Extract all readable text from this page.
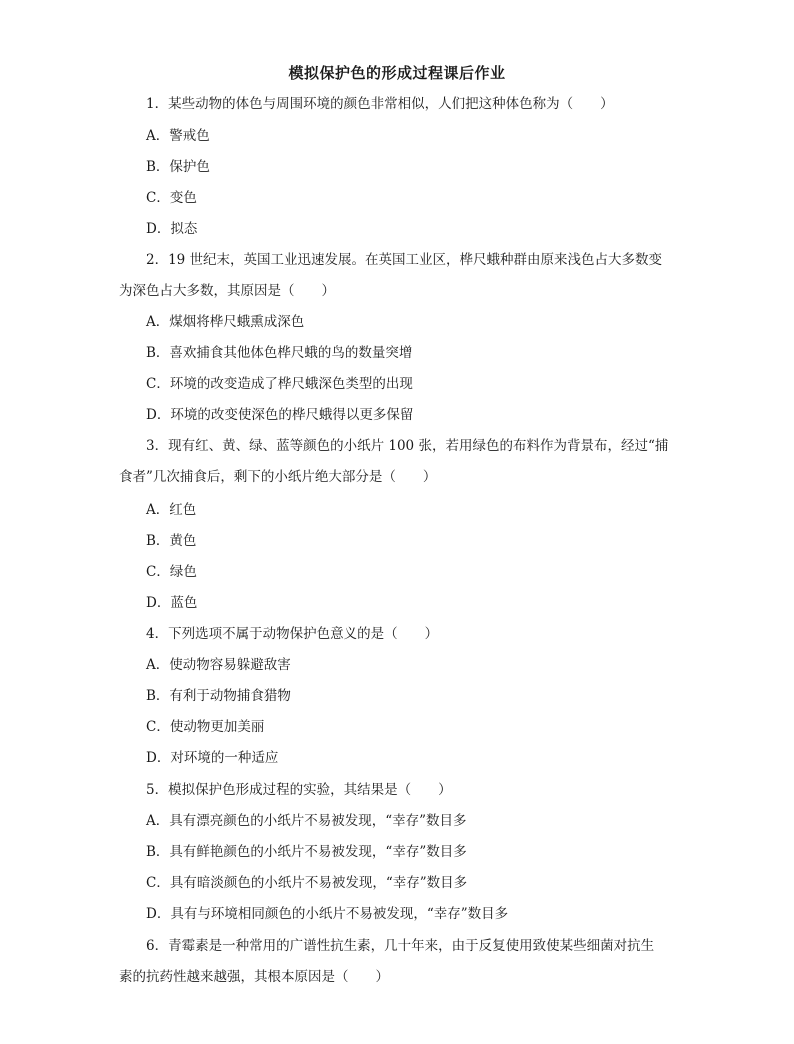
模拟保护色的形成过程课后作业
1．某些动物的体色与周围环境的颜色非常相似，人们把这种体色称为（　　）
A．警戒色
B．保护色
C．变色
D．拟态
2．19 世纪末，英国工业迅速发展。在英国工业区，桦尺蛾种群由原来浅色占大多数变
为深色占大多数，其原因是（　　）
A．煤烟将桦尺蛾熏成深色
B．喜欢捕食其他体色桦尺蛾的鸟的数量突增
C．环境的改变造成了桦尺蛾深色类型的出现
D．环境的改变使深色的桦尺蛾得以更多保留
3．现有红、黄、绿、蓝等颜色的小纸片 100 张，若用绿色的布料作为背景布，经过“捕
食者”几次捕食后，剩下的小纸片绝大部分是（　　）
A．红色
B．黄色
C．绿色
D．蓝色
4．下列选项不属于动物保护色意义的是（　　）
A．使动物容易躲避敌害
B．有利于动物捕食猎物
C．使动物更加美丽
D．对环境的一种适应
5．模拟保护色形成过程的实验，其结果是（　　）
A．具有漂亮颜色的小纸片不易被发现，“幸存”数目多
B．具有鲜艳颜色的小纸片不易被发现，“幸存”数目多
C．具有暗淡颜色的小纸片不易被发现，“幸存”数目多
D．具有与环境相同颜色的小纸片不易被发现，“幸存”数目多
6．青霉素是一种常用的广谱性抗生素，几十年来，由于反复使用致使某些细菌对抗生
素的抗药性越来越强，其根本原因是（　　）
